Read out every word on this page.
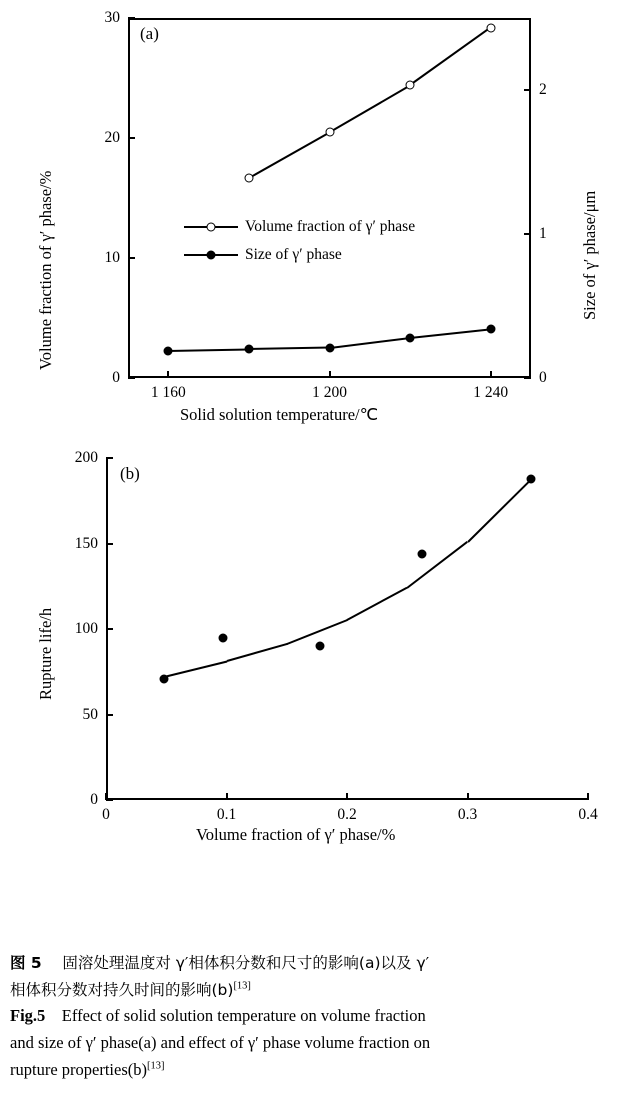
(a)
Volume fraction of γ′ phase/%	Size of γ′ phase/μm
Solid solution temperature/℃
1 160	1 200	1 240
0
10
20
30
0
1
2
Volume fraction of γ′ phase
Size of γ′ phase
(b)
Rupture life/h
Volume fraction of γ′ phase/%
0	0.1	0.2	0.3	0.4
0
50
100
150
200
图 5 固溶处理温度对 γ′相体积分数和尺寸的影响(a)以及 γ′
相体积分数对持久时间的影响(b)[13]
Fig.5 Effect of solid solution temperature on volume fraction
and size of γ′ phase(a) and effect of γ′ phase volume fraction on
rupture properties(b)[13]
